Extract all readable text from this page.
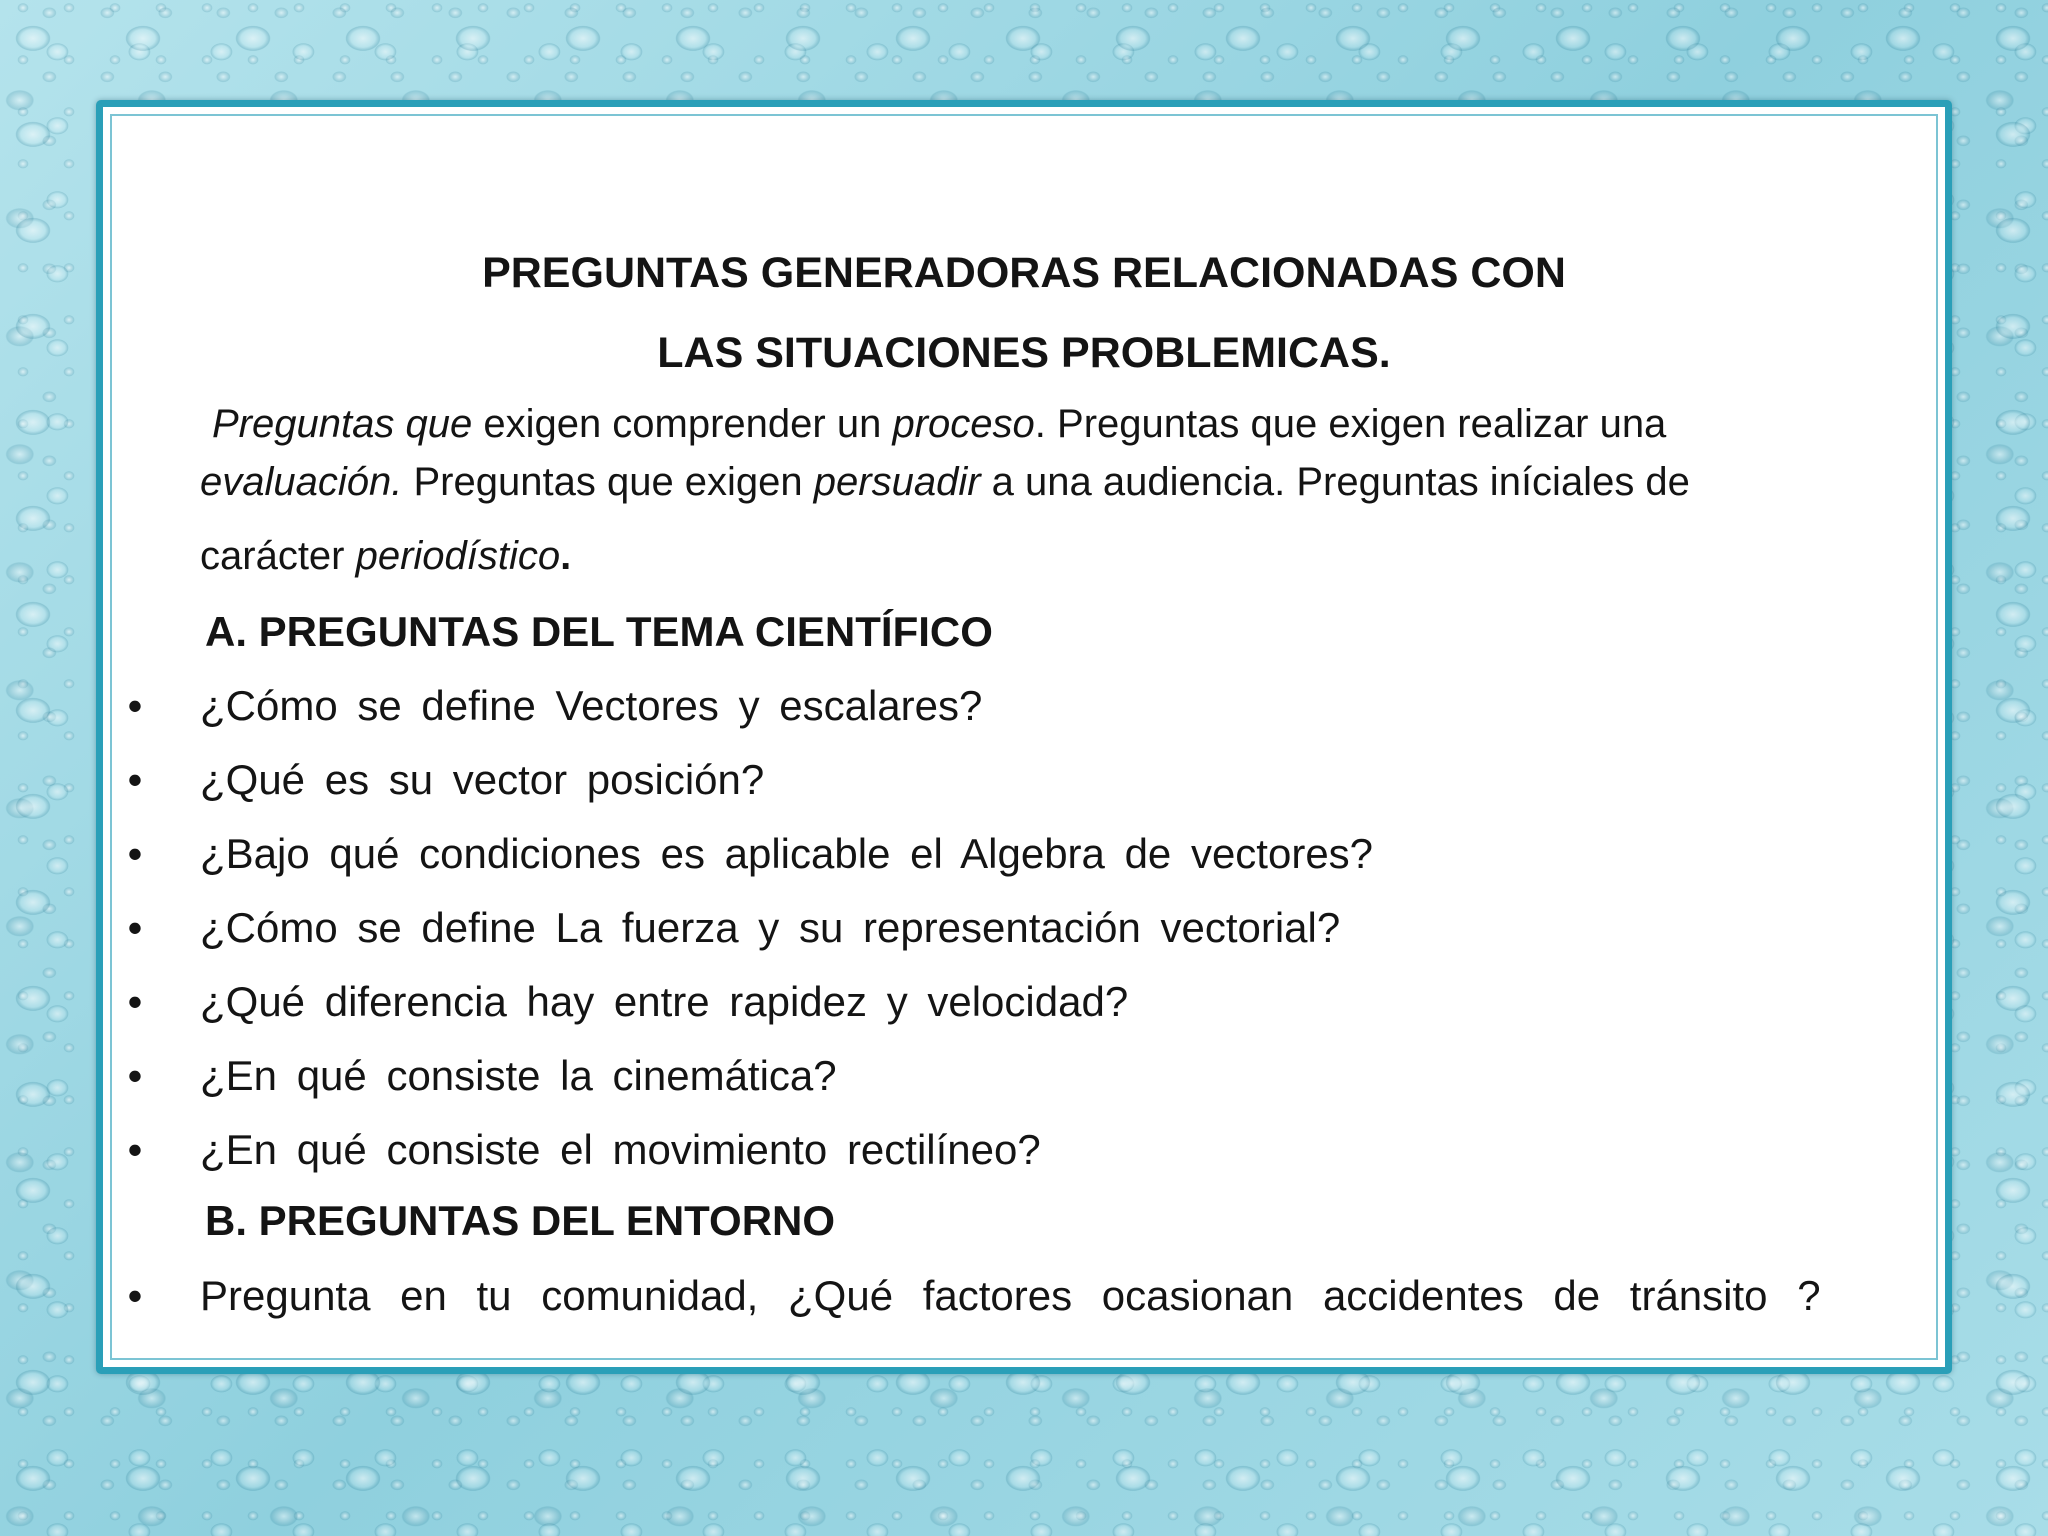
PREGUNTAS GENERADORAS RELACIONADAS CON
LAS SITUACIONES PROBLEMICAS.
Preguntas que exigen comprender un proceso. Preguntas que exigen realizar una
evaluación. Preguntas que exigen persuadir a una audiencia. Preguntas iníciales de
carácter periodístico.
A. PREGUNTAS DEL TEMA CIENTÍFICO
• ¿Cómo se define Vectores y escalares?
• ¿Qué es su vector posición?
• ¿Bajo qué condiciones es aplicable el Algebra de vectores?
• ¿Cómo se define La fuerza y su representación vectorial?
• ¿Qué diferencia hay entre rapidez y velocidad?
• ¿En qué consiste la cinemática?
• ¿En qué consiste el movimiento rectilíneo?
B. PREGUNTAS DEL ENTORNO
• Pregunta en tu comunidad, ¿Qué factores ocasionan accidentes de tránsito ?
